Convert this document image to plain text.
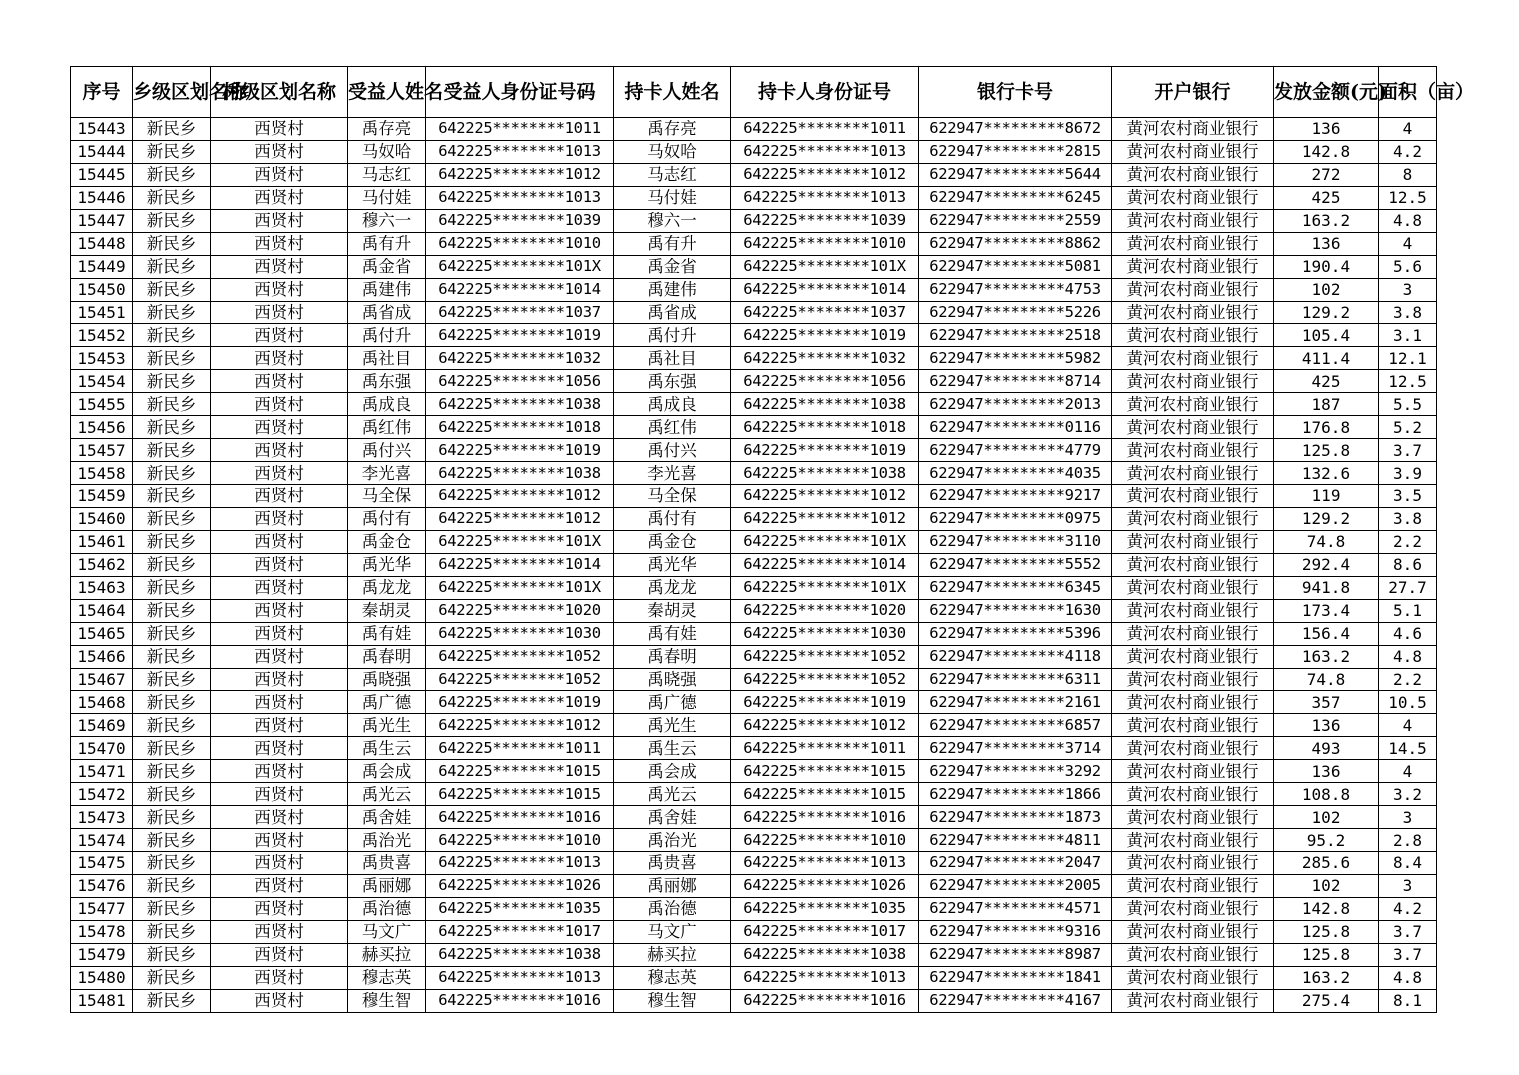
序号	乡级区划名称	村级区划名称	受益人姓名	受益人身份证号码	持卡人姓名	持卡人身份证号	银行卡号	开户银行	发放金额(元)	面积（亩）
15443	新民乡	西贤村	禹存亮	642225********1011	禹存亮	642225********1011	622947*********8672	黄河农村商业银行	136	4
15444	新民乡	西贤村	马奴哈	642225********1013	马奴哈	642225********1013	622947*********2815	黄河农村商业银行	142.8	4.2
15445	新民乡	西贤村	马志红	642225********1012	马志红	642225********1012	622947*********5644	黄河农村商业银行	272	8
15446	新民乡	西贤村	马付娃	642225********1013	马付娃	642225********1013	622947*********6245	黄河农村商业银行	425	12.5
15447	新民乡	西贤村	穆六一	642225********1039	穆六一	642225********1039	622947*********2559	黄河农村商业银行	163.2	4.8
15448	新民乡	西贤村	禹有升	642225********1010	禹有升	642225********1010	622947*********8862	黄河农村商业银行	136	4
15449	新民乡	西贤村	禹金省	642225********101X	禹金省	642225********101X	622947*********5081	黄河农村商业银行	190.4	5.6
15450	新民乡	西贤村	禹建伟	642225********1014	禹建伟	642225********1014	622947*********4753	黄河农村商业银行	102	3
15451	新民乡	西贤村	禹省成	642225********1037	禹省成	642225********1037	622947*********5226	黄河农村商业银行	129.2	3.8
15452	新民乡	西贤村	禹付升	642225********1019	禹付升	642225********1019	622947*********2518	黄河农村商业银行	105.4	3.1
15453	新民乡	西贤村	禹社目	642225********1032	禹社目	642225********1032	622947*********5982	黄河农村商业银行	411.4	12.1
15454	新民乡	西贤村	禹东强	642225********1056	禹东强	642225********1056	622947*********8714	黄河农村商业银行	425	12.5
15455	新民乡	西贤村	禹成良	642225********1038	禹成良	642225********1038	622947*********2013	黄河农村商业银行	187	5.5
15456	新民乡	西贤村	禹红伟	642225********1018	禹红伟	642225********1018	622947*********0116	黄河农村商业银行	176.8	5.2
15457	新民乡	西贤村	禹付兴	642225********1019	禹付兴	642225********1019	622947*********4779	黄河农村商业银行	125.8	3.7
15458	新民乡	西贤村	李光喜	642225********1038	李光喜	642225********1038	622947*********4035	黄河农村商业银行	132.6	3.9
15459	新民乡	西贤村	马全保	642225********1012	马全保	642225********1012	622947*********9217	黄河农村商业银行	119	3.5
15460	新民乡	西贤村	禹付有	642225********1012	禹付有	642225********1012	622947*********0975	黄河农村商业银行	129.2	3.8
15461	新民乡	西贤村	禹金仓	642225********101X	禹金仓	642225********101X	622947*********3110	黄河农村商业银行	74.8	2.2
15462	新民乡	西贤村	禹光华	642225********1014	禹光华	642225********1014	622947*********5552	黄河农村商业银行	292.4	8.6
15463	新民乡	西贤村	禹龙龙	642225********101X	禹龙龙	642225********101X	622947*********6345	黄河农村商业银行	941.8	27.7
15464	新民乡	西贤村	秦胡灵	642225********1020	秦胡灵	642225********1020	622947*********1630	黄河农村商业银行	173.4	5.1
15465	新民乡	西贤村	禹有娃	642225********1030	禹有娃	642225********1030	622947*********5396	黄河农村商业银行	156.4	4.6
15466	新民乡	西贤村	禹春明	642225********1052	禹春明	642225********1052	622947*********4118	黄河农村商业银行	163.2	4.8
15467	新民乡	西贤村	禹晓强	642225********1052	禹晓强	642225********1052	622947*********6311	黄河农村商业银行	74.8	2.2
15468	新民乡	西贤村	禹广德	642225********1019	禹广德	642225********1019	622947*********2161	黄河农村商业银行	357	10.5
15469	新民乡	西贤村	禹光生	642225********1012	禹光生	642225********1012	622947*********6857	黄河农村商业银行	136	4
15470	新民乡	西贤村	禹生云	642225********1011	禹生云	642225********1011	622947*********3714	黄河农村商业银行	493	14.5
15471	新民乡	西贤村	禹会成	642225********1015	禹会成	642225********1015	622947*********3292	黄河农村商业银行	136	4
15472	新民乡	西贤村	禹光云	642225********1015	禹光云	642225********1015	622947*********1866	黄河农村商业银行	108.8	3.2
15473	新民乡	西贤村	禹舍娃	642225********1016	禹舍娃	642225********1016	622947*********1873	黄河农村商业银行	102	3
15474	新民乡	西贤村	禹治光	642225********1010	禹治光	642225********1010	622947*********4811	黄河农村商业银行	95.2	2.8
15475	新民乡	西贤村	禹贵喜	642225********1013	禹贵喜	642225********1013	622947*********2047	黄河农村商业银行	285.6	8.4
15476	新民乡	西贤村	禹丽娜	642225********1026	禹丽娜	642225********1026	622947*********2005	黄河农村商业银行	102	3
15477	新民乡	西贤村	禹治德	642225********1035	禹治德	642225********1035	622947*********4571	黄河农村商业银行	142.8	4.2
15478	新民乡	西贤村	马文广	642225********1017	马文广	642225********1017	622947*********9316	黄河农村商业银行	125.8	3.7
15479	新民乡	西贤村	赫买拉	642225********1038	赫买拉	642225********1038	622947*********8987	黄河农村商业银行	125.8	3.7
15480	新民乡	西贤村	穆志英	642225********1013	穆志英	642225********1013	622947*********1841	黄河农村商业银行	163.2	4.8
15481	新民乡	西贤村	穆生智	642225********1016	穆生智	642225********1016	622947*********4167	黄河农村商业银行	275.4	8.1
